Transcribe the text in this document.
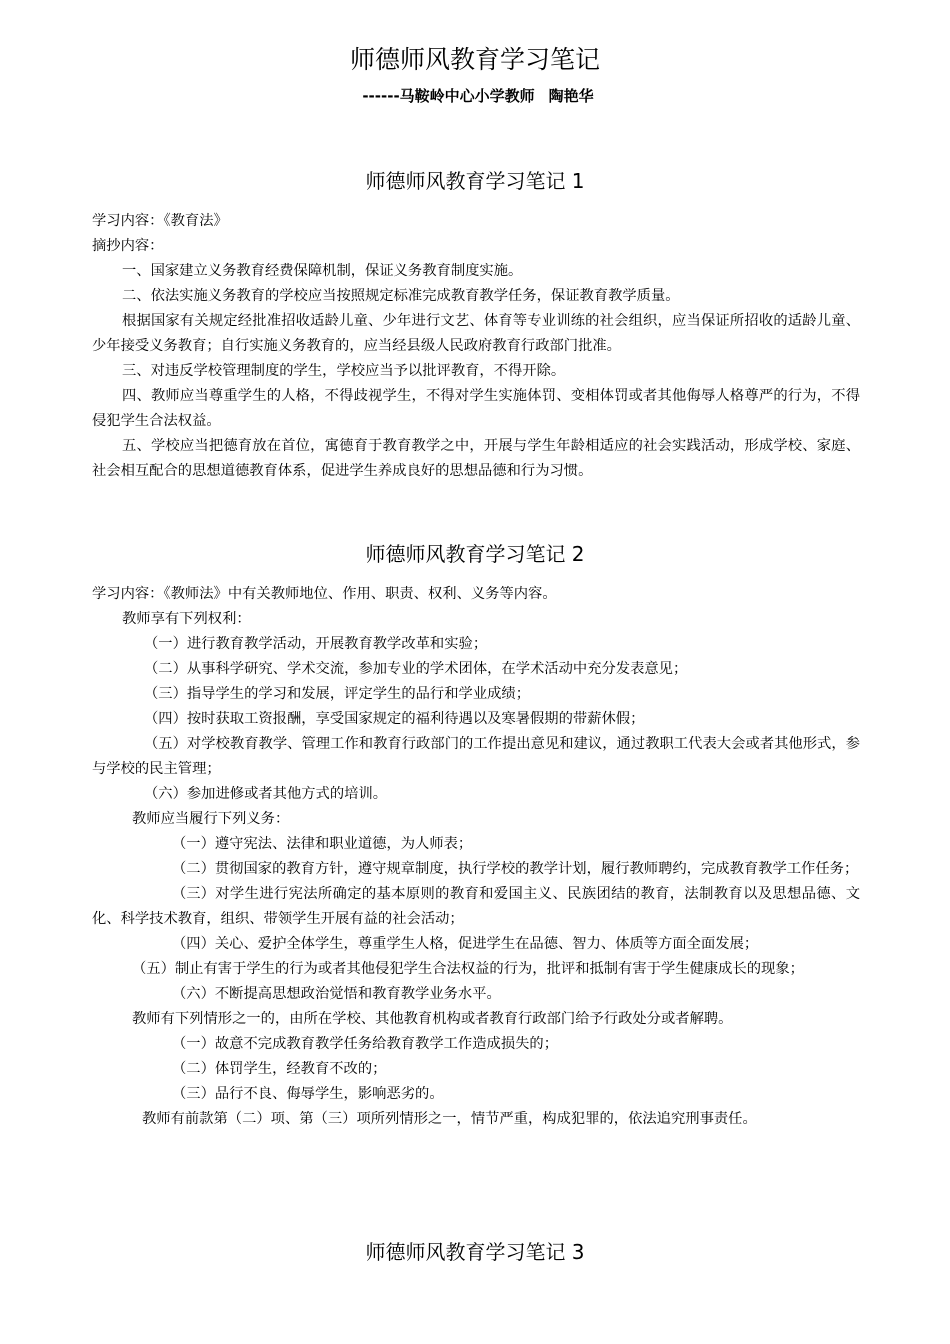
师德师风教育学习笔记
------马鞍岭中心小学教师 陶艳华
师德师风教育学习笔记 1

学习内容：《教育法》

摘抄内容：

一、国家建立义务教育经费保障机制，保证义务教育制度实施。

二、依法实施义务教育的学校应当按照规定标准完成教育教学任务，保证教育教学质量。

根据国家有关规定经批准招收适龄儿童、少年进行文艺、体育等专业训练的社会组织，应当保证所招收的适龄儿童、少年接受义务教育；自行实施义务教育的，应当经县级人民政府教育行政部门批准。

三、对违反学校管理制度的学生，学校应当予以批评教育，不得开除。

四、教师应当尊重学生的人格，不得歧视学生，不得对学生实施体罚、变相体罚或者其他侮辱人格尊严的行为，不得侵犯学生合法权益。

五、学校应当把德育放在首位，寓德育于教育教学之中，开展与学生年龄相适应的社会实践活动，形成学校、家庭、社会相互配合的思想道德教育体系，促进学生养成良好的思想品德和行为习惯。

师德师风教育学习笔记 2

学习内容：《教师法》中有关教师地位、作用、职责、权利、义务等内容。

教师享有下列权利：

（一）进行教育教学活动，开展教育教学改革和实验；

（二）从事科学研究、学术交流，参加专业的学术团体，在学术活动中充分发表意见；

（三）指导学生的学习和发展，评定学生的品行和学业成绩；

（四）按时获取工资报酬，享受国家规定的福利待遇以及寒暑假期的带薪休假；

（五）对学校教育教学、管理工作和教育行政部门的工作提出意见和建议，通过教职工代表大会或者其他形式，参与学校的民主管理；

（六）参加进修或者其他方式的培训。

教师应当履行下列义务：

（一）遵守宪法、法律和职业道德，为人师表；

（二）贯彻国家的教育方针，遵守规章制度，执行学校的教学计划，履行教师聘约，完成教育教学工作任务；

（三）对学生进行宪法所确定的基本原则的教育和爱国主义、民族团结的教育，法制教育以及思想品德、文化、科学技术教育，组织、带领学生开展有益的社会活动；

（四）关心、爱护全体学生，尊重学生人格，促进学生在品德、智力、体质等方面全面发展；

（五）制止有害于学生的行为或者其他侵犯学生合法权益的行为，批评和抵制有害于学生健康成长的现象；

（六）不断提高思想政治觉悟和教育教学业务水平。

教师有下列情形之一的，由所在学校、其他教育机构或者教育行政部门给予行政处分或者解聘。

（一）故意不完成教育教学任务给教育教学工作造成损失的；

（二）体罚学生，经教育不改的；

（三）品行不良、侮辱学生，影响恶劣的。

教师有前款第（二）项、第（三）项所列情形之一，情节严重，构成犯罪的，依法追究刑事责任。

师德师风教育学习笔记 3
